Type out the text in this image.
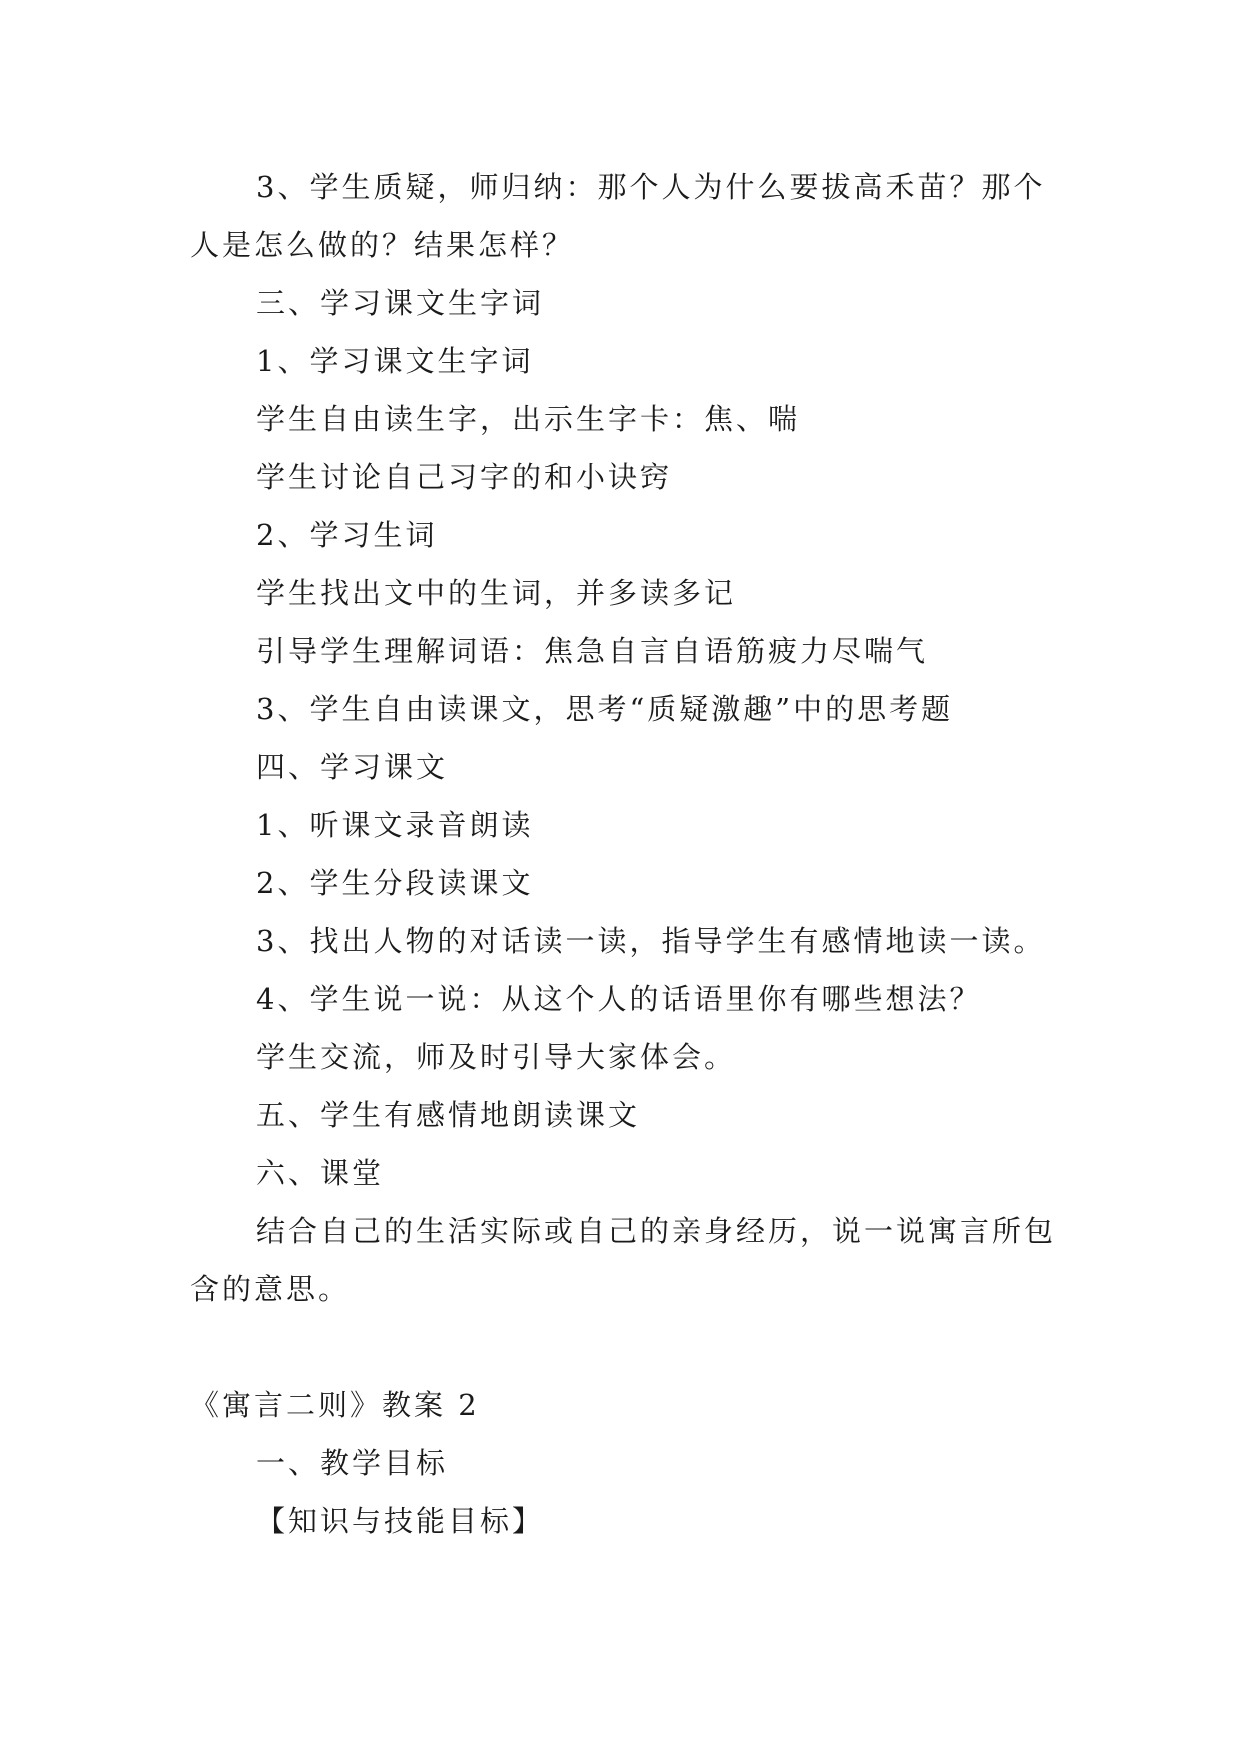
3、学生质疑，师归纳：那个人为什么要拔高禾苗？那个人是怎么做的？结果怎样？

三、学习课文生字词

1、学习课文生字词

学生自由读生字，出示生字卡：焦、喘

学生讨论自己习字的和小诀窍

2、学习生词

学生找出文中的生词，并多读多记

引导学生理解词语：焦急自言自语筋疲力尽喘气

3、学生自由读课文，思考“质疑激趣”中的思考题

四、学习课文

1、听课文录音朗读

2、学生分段读课文

3、找出人物的对话读一读，指导学生有感情地读一读。

4、学生说一说：从这个人的话语里你有哪些想法？

学生交流，师及时引导大家体会。

五、学生有感情地朗读课文

六、课堂

结合自己的生活实际或自己的亲身经历，说一说寓言所包含的意思。

《寓言二则》教案 2

一、教学目标

【知识与技能目标】
